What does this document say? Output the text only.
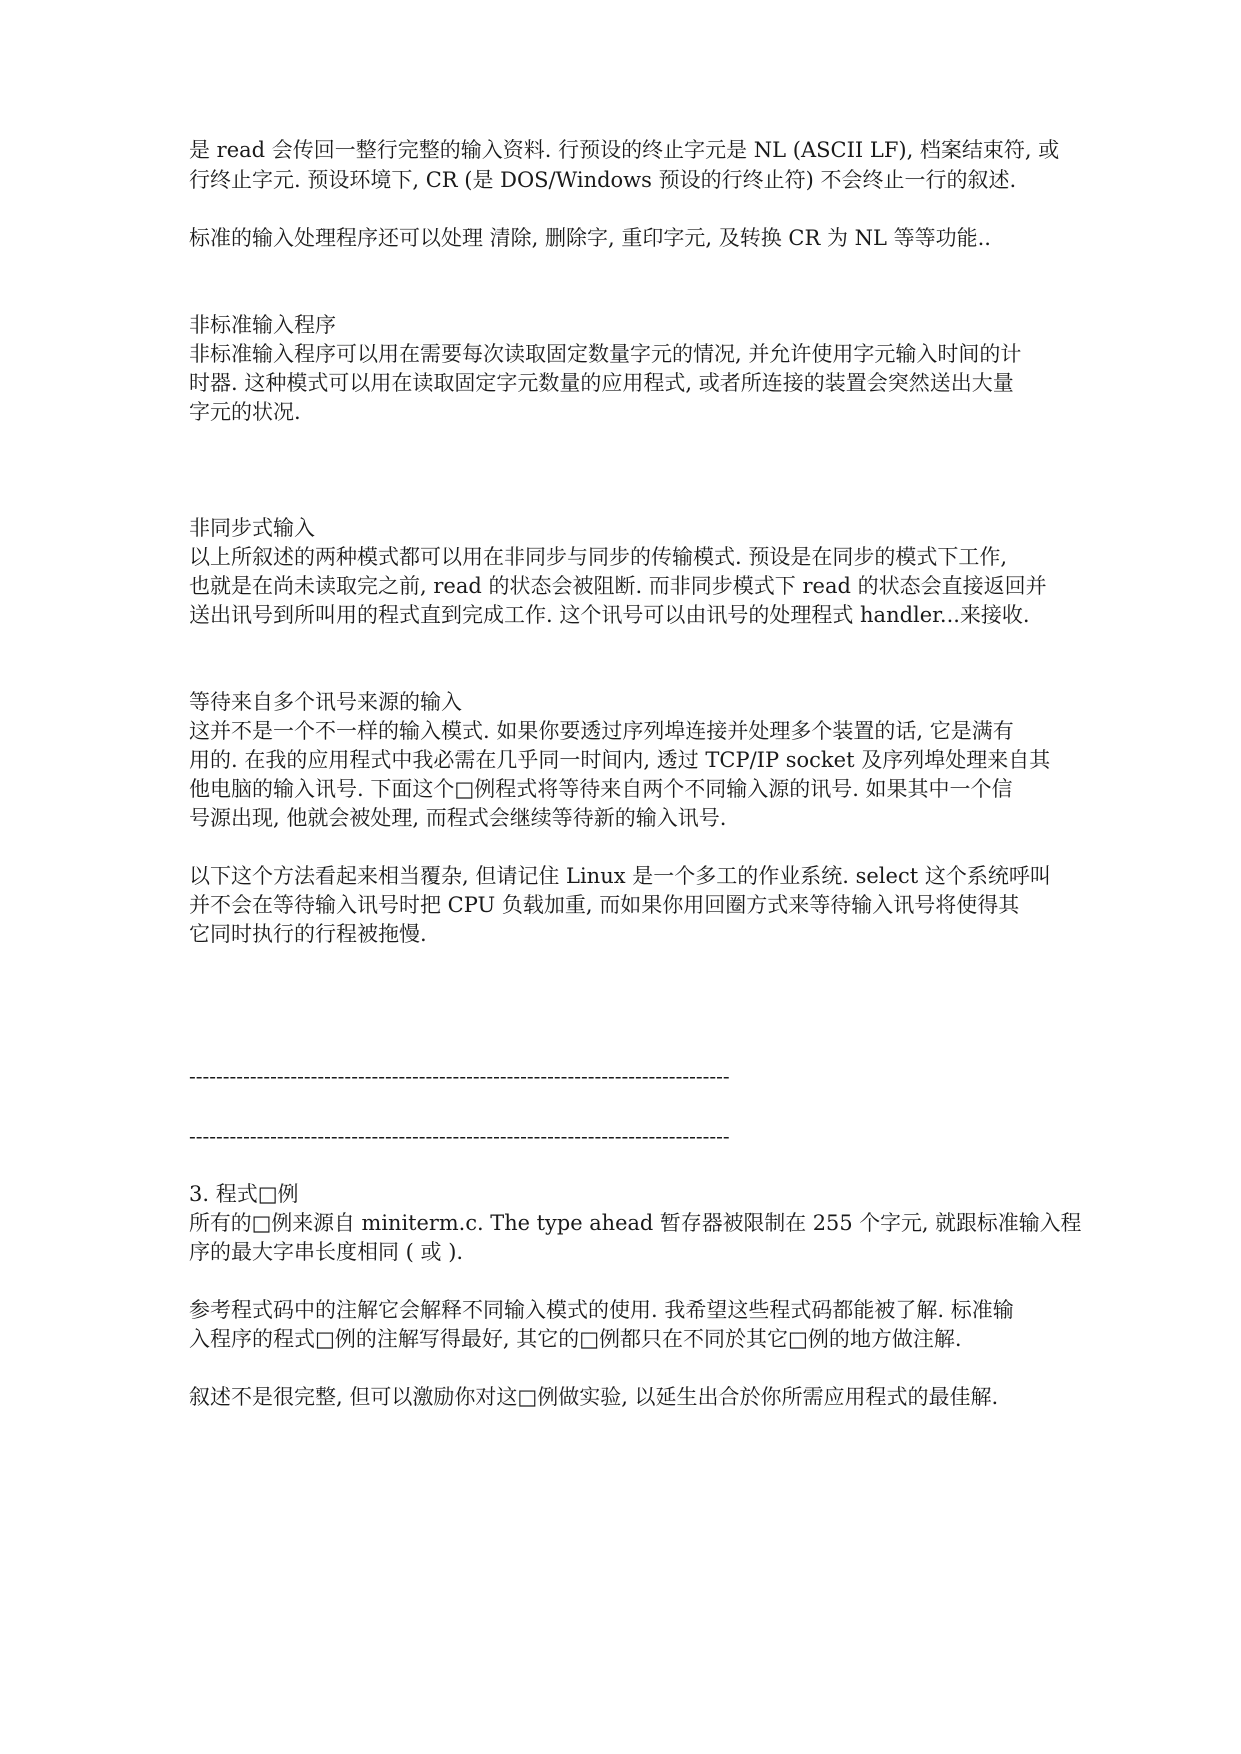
是 read 会传回一整行完整的输入资料. 行预设的终止字元是 NL (ASCII LF), 档案结束符, 或
行终止字元. 预设环境下, CR (是 DOS/Windows 预设的行终止符) 不会终止一行的叙述.
标准的输入处理程序还可以处理 清除, 删除字, 重印字元, 及转换 CR 为 NL 等等功能..
非标准输入程序
非标准输入程序可以用在需要每次读取固定数量字元的情况, 并允许使用字元输入时间的计
时器. 这种模式可以用在读取固定字元数量的应用程式, 或者所连接的装置会突然送出大量
字元的状况.
非同步式输入
以上所叙述的两种模式都可以用在非同步与同步的传输模式. 预设是在同步的模式下工作,
也就是在尚未读取完之前, read 的状态会被阻断. 而非同步模式下 read 的状态会直接返回并
送出讯号到所叫用的程式直到完成工作. 这个讯号可以由讯号的处理程式 handler...来接收.
等待来自多个讯号来源的输入
这并不是一个不一样的输入模式. 如果你要透过序列埠连接并处理多个装置的话, 它是满有
用的. 在我的应用程式中我必需在几乎同一时间内, 透过 TCP/IP socket 及序列埠处理来自其
他电脑的输入讯号. 下面这个□例程式将等待来自两个不同输入源的讯号. 如果其中一个信
号源出现, 他就会被处理, 而程式会继续等待新的输入讯号.
以下这个方法看起来相当覆杂, 但请记住 Linux 是一个多工的作业系统. select 这个系统呼叫
并不会在等待输入讯号时把 CPU 负载加重, 而如果你用回圈方式来等待输入讯号将使得其
它同时执行的行程被拖慢.
--------------------------------------------------------------------------------
--------------------------------------------------------------------------------
3. 程式□例
所有的□例来源自 miniterm.c. The type ahead 暂存器被限制在 255 个字元, 就跟标准输入程
序的最大字串长度相同 ( 或 ).
参考程式码中的注解它会解释不同输入模式的使用. 我希望这些程式码都能被了解. 标准输
入程序的程式□例的注解写得最好, 其它的□例都只在不同於其它□例的地方做注解.
叙述不是很完整, 但可以激励你对这□例做实验, 以延生出合於你所需应用程式的最佳解.
